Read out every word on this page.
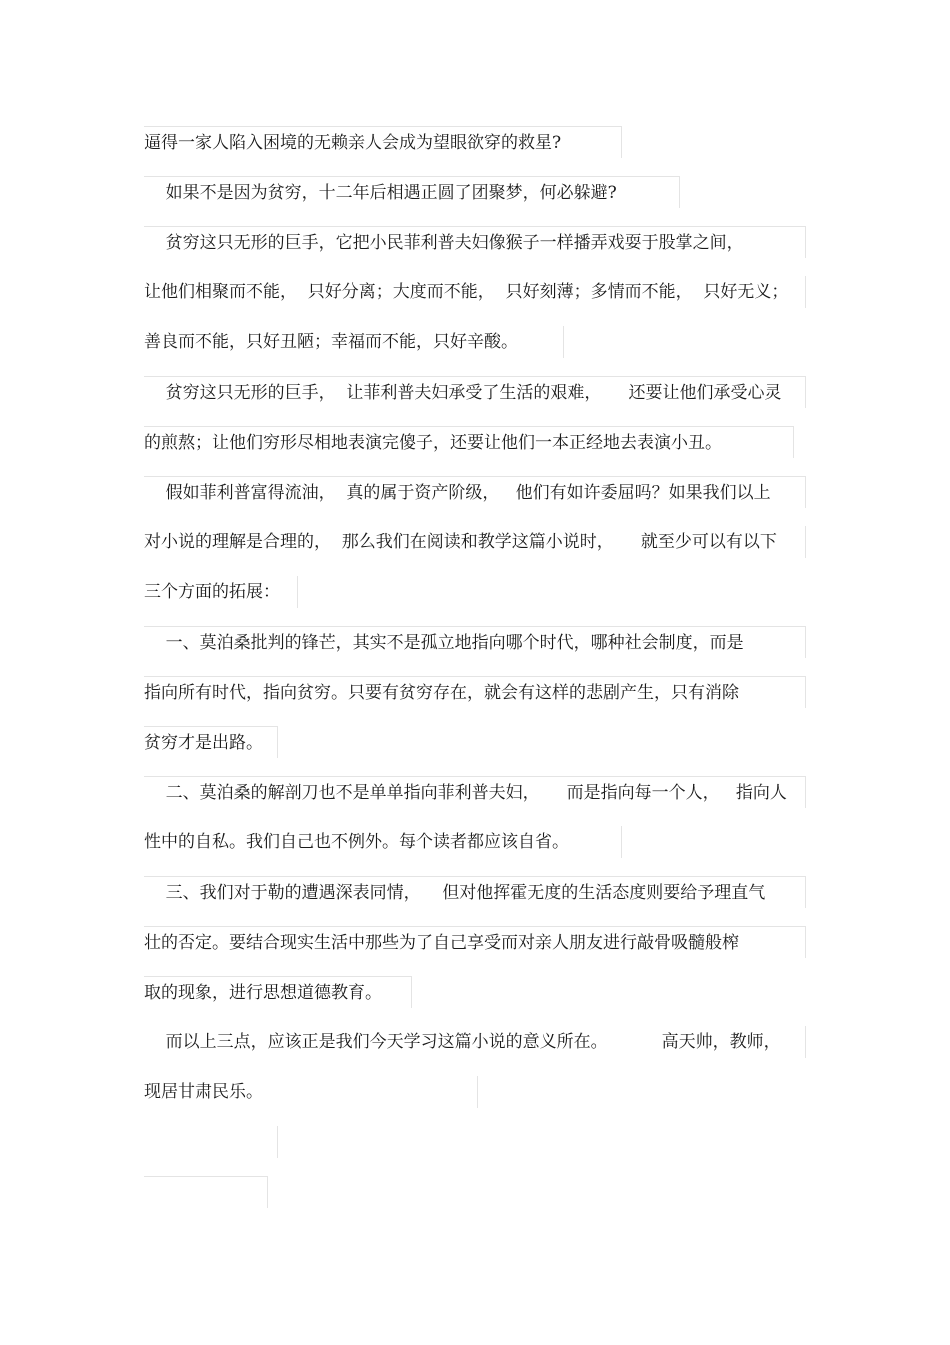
逼得一家人陷入困境的无赖亲人会成为望眼欲穿的救星?
如果不是因为贫穷，十二年后相遇正圆了团聚梦，何必躲避?
贫穷这只无形的巨手，它把小民菲利普夫妇像猴子一样播弄戏耍于股掌之间，
让他们相聚而不能，  只好分离；大度而不能，  只好刻薄；多情而不能，  只好无义；
善良而不能，只好丑陋；幸福而不能，只好辛酸。
贫穷这只无形的巨手，  让菲利普夫妇承受了生活的艰难，     还要让他们承受心灵
的煎熬；让他们穷形尽相地表演完傻子，还要让他们一本正经地去表演小丑。
假如菲利普富得流油，  真的属于资产阶级，   他们有如许委屈吗？如果我们以上
对小说的理解是合理的，  那么我们在阅读和教学这篇小说时，     就至少可以有以下
三个方面的拓展：
一、莫泊桑批判的锋芒，其实不是孤立地指向哪个时代，哪种社会制度，而是
指向所有时代，指向贫穷。只要有贫穷存在，就会有这样的悲剧产生，只有消除
贫穷才是出路。
二、莫泊桑的解剖刀也不是单单指向菲利普夫妇，     而是指向每一个人，   指向人
性中的自私。我们自己也不例外。每个读者都应该自省。
三、我们对于勒的遭遇深表同情，    但对他挥霍无度的生活态度则要给予理直气
壮的否定。要结合现实生活中那些为了自己享受而对亲人朋友进行敲骨吸髓般榨
取的现象，进行思想道德教育。
而以上三点，应该正是我们今天学习这篇小说的意义所在。          高天帅，教师，
现居甘肃民乐。
